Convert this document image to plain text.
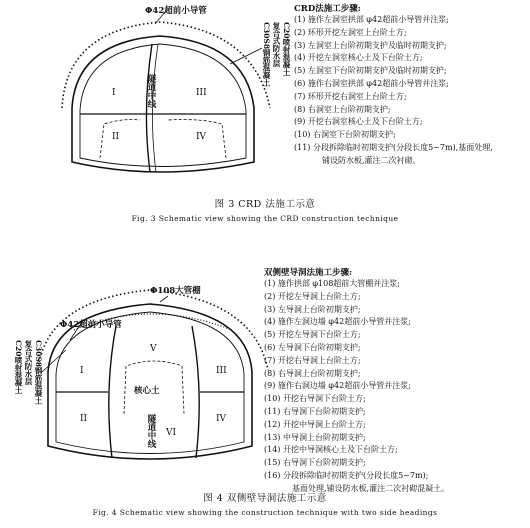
Φ42超前小导管
C30S8钢筋混凝土 复合式防水层 C20喷射混凝土
隧道中线
I
II
III
IV
CRD法施工步骤:
(1) 施作左洞室拱部 φ42超前小导管并注浆;
(2) 环形开挖左洞室上台阶土方;
(3) 左洞室上台阶初期支护及临时初期支护;
(4) 开挖左洞室核心土及下台阶土方;
(5) 左洞室下台阶初期支护及临时初期支护;
(6) 施作右洞室拱部 φ42超前小导管并注浆;
(7) 环形开挖右洞室上台阶土方;
(8) 右洞室上台阶初期支护;
(9) 开挖右洞室核心土及下台阶土方;
(10) 右洞室下台阶初期支护;
(11) 分段拆除临时初期支护(分段长度5~7m),基面处理,
铺设防水板,灌注二次衬砌。
图 3 CRD 法施工示意
Fig. 3 Schematic view showing the CRD construction technique
Φ108大管棚
Φ42超前小导管
C20喷射混凝土 复合式防水层 C30S8钢筋混凝土	核心土
隧道中线
I
II
III
IV
V
VI
双侧壁导洞法施工步骤:
(1) 施作拱部 φ108超前大管棚并注浆;
(2) 开挖左导洞上台阶土方;
(3) 左导洞上台阶初期支护;
(4) 施作左洞边墙 φ42超前小导管并注浆;
(5) 开挖左导洞下台阶土方;
(6) 左导洞下台阶初期支护;
(7) 开挖右导洞上台阶土方;
(8) 右导洞上台阶初期支护;
(9) 施作右洞边墙 φ42超前小导管并注浆;
(10) 开挖右导洞下台阶土方;
(11) 右导洞下台阶初期支护;
(12) 开挖中导洞上台阶土方;
(13) 中导洞上台阶初期支护;
(14) 开挖中导洞核心土及下台阶土方;
(15) 右导洞下台阶初期支护;
(16) 分段拆除临时初期支护(分段长度5~7m);
基面处理,铺设防水板,灌注二次衬砌混凝土。
图 4 双侧壁导洞法施工示意
Fig. 4 Schematic view showing the construction technique with two side headings
